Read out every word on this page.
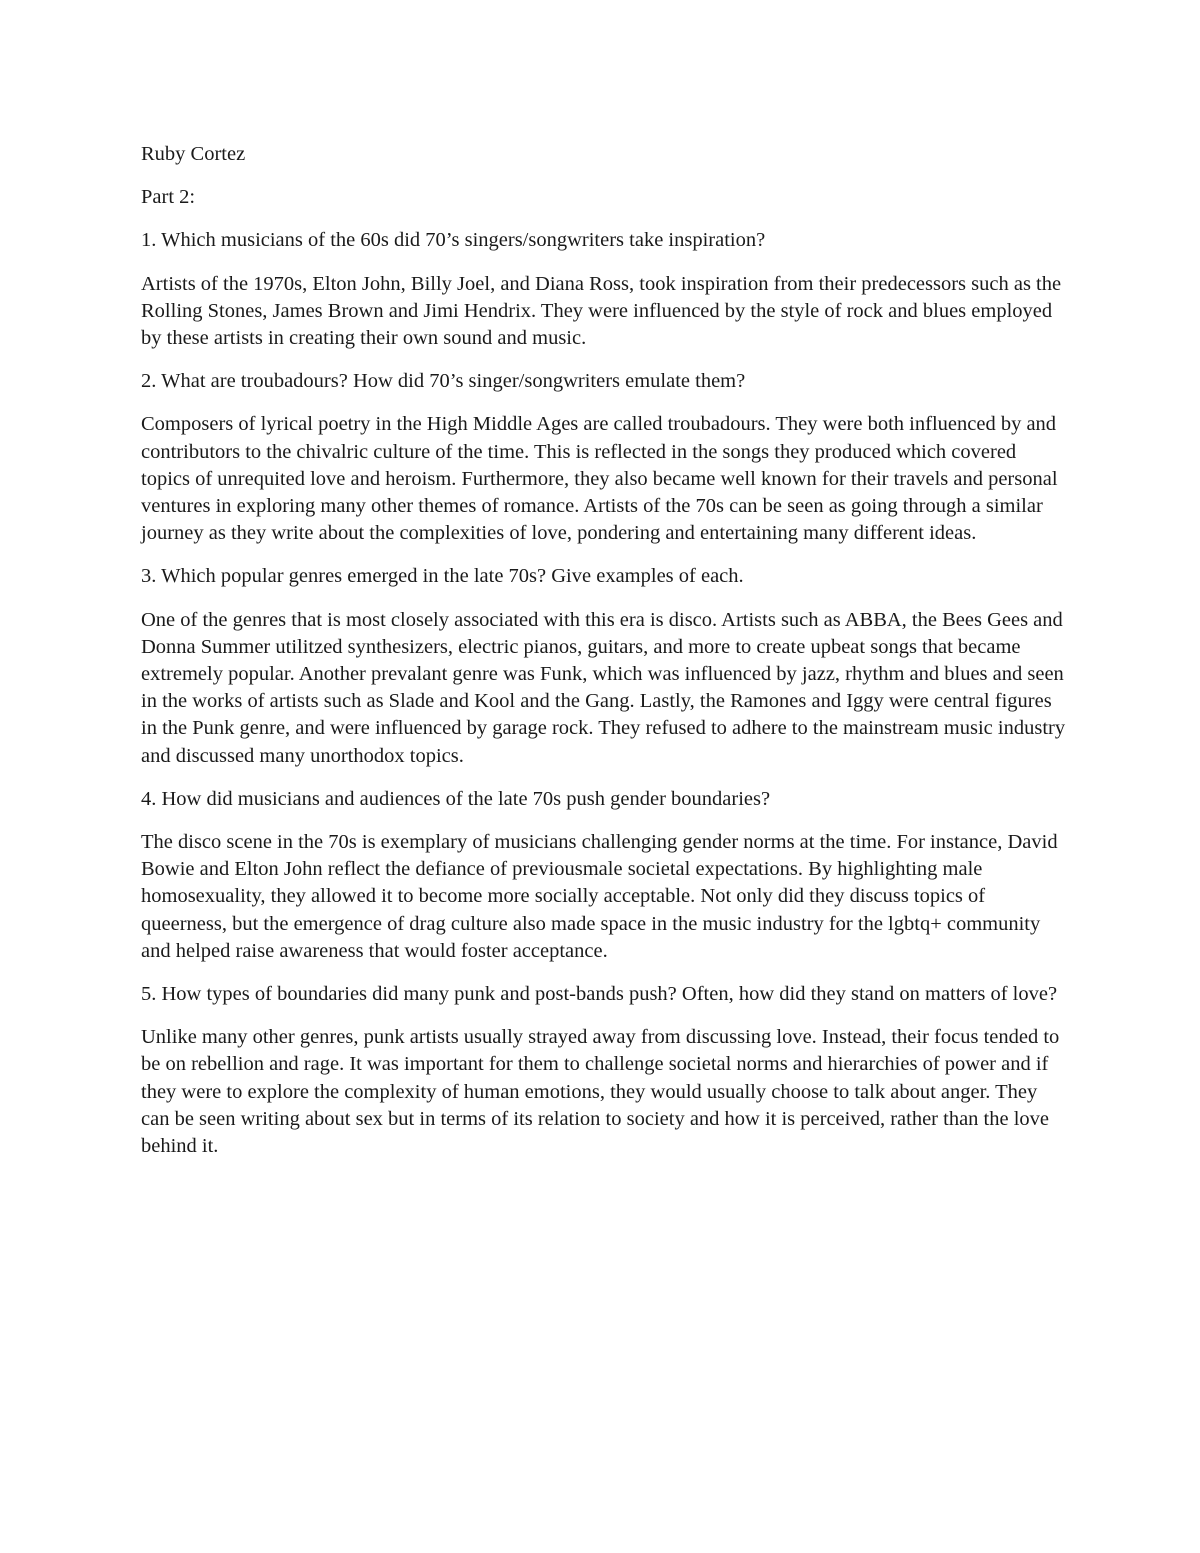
Ruby Cortez

Part 2:

1. Which musicians of the 60s did 70’s singers/songwriters take inspiration?

Artists of the 1970s, Elton John, Billy Joel, and Diana Ross, took inspiration from their predecessors such as the Rolling Stones, James Brown and Jimi Hendrix. They were influenced by the style of rock and blues employed by these artists in creating their own sound and music.

2. What are troubadours? How did 70’s singer/songwriters emulate them?

Composers of lyrical poetry in the High Middle Ages are called troubadours. They were both influenced by and contributors to the chivalric culture of the time. This is reflected in the songs they produced which covered topics of unrequited love and heroism. Furthermore, they also became well known for their travels and personal ventures in exploring many other themes of romance. Artists of the 70s can be seen as going through a similar journey as they write about the complexities of love, pondering and entertaining many different ideas.

3. Which popular genres emerged in the late 70s? Give examples of each.

One of the genres that is most closely associated with this era is disco. Artists such as ABBA, the Bees Gees and Donna Summer utilitzed synthesizers, electric pianos, guitars, and more to create upbeat songs that became extremely popular. Another prevalant genre was Funk, which was influenced by jazz, rhythm and blues and seen in the works of artists such as Slade and Kool and the Gang. Lastly, the Ramones and Iggy were central figures in the Punk genre, and were influenced by garage rock. They refused to adhere to the mainstream music industry and discussed many unorthodox topics.

4. How did musicians and audiences of the late 70s push gender boundaries?

The disco scene in the 70s is exemplary of musicians challenging gender norms at the time. For instance, David Bowie and Elton John reflect the defiance of previousmale societal expectations. By highlighting male homosexuality, they allowed it to become more socially acceptable. Not only did they discuss topics of queerness, but the emergence of drag culture also made space in the music industry for the lgbtq+ community and helped raise awareness that would foster acceptance.

5. How types of boundaries did many punk and post-bands push? Often, how did they stand on matters of love?

Unlike many other genres, punk artists usually strayed away from discussing love. Instead, their focus tended to be on rebellion and rage. It was important for them to challenge societal norms and hierarchies of power and if they were to explore the complexity of human emotions, they would usually choose to talk about anger. They can be seen writing about sex but in terms of its relation to society and how it is perceived, rather than the love behind it.
